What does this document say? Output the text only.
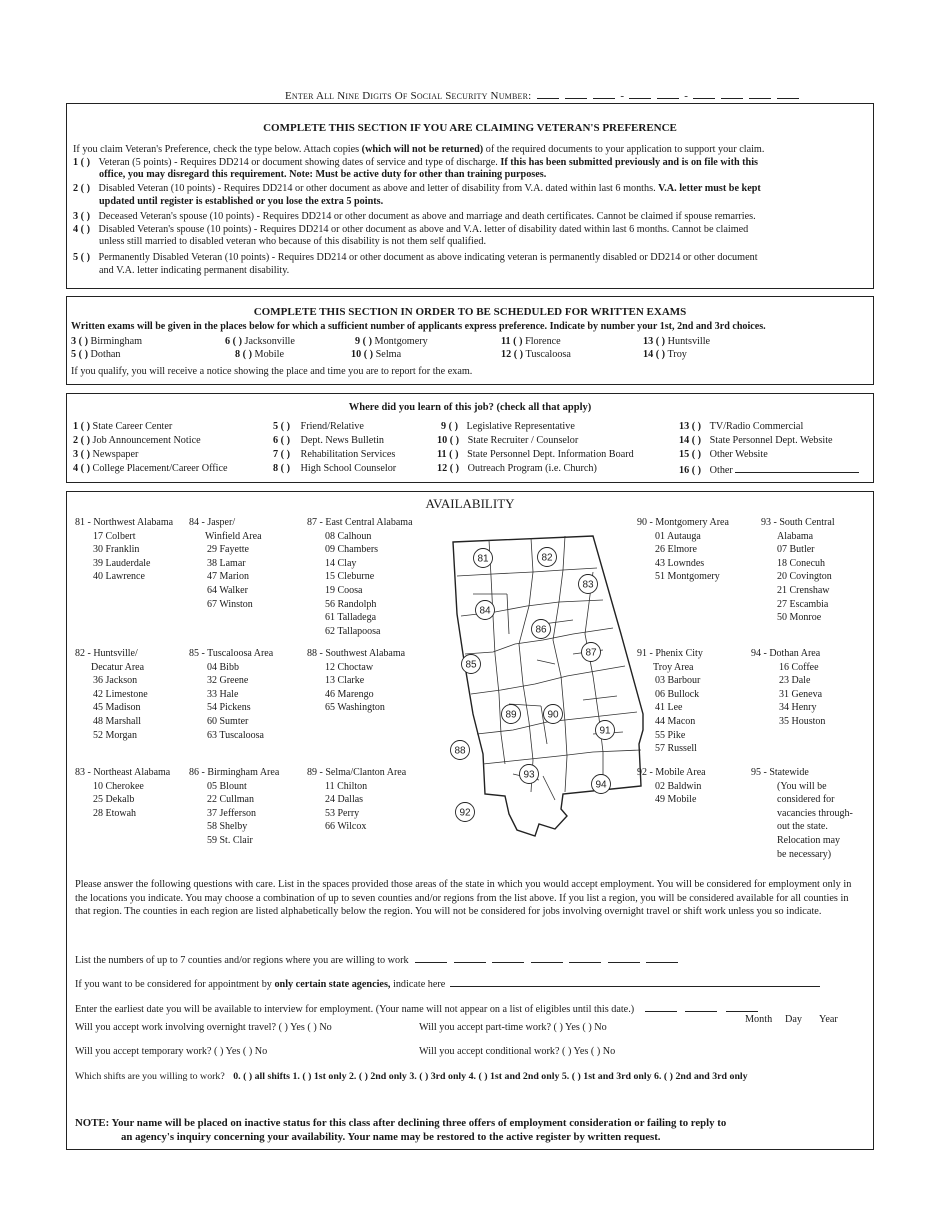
Enter All Nine Digits Of Social Security Number:	-	-
COMPLETE THIS SECTION IF YOU ARE CLAIMING VETERAN'S PREFERENCE
If you claim Veteran's Preference, check the type below. Attach copies (which will not be returned) of the required documents to your application to support your claim.
1 ( ) Veteran (5 points) - Requires DD214 or document showing dates of service and type of discharge. If this has been submitted previously and is on file with this
office, you may disregard this requirement. Note: Must be active duty for other than training purposes.
2 ( ) Disabled Veteran (10 points) - Requires DD214 or other document as above and letter of disability from V.A. dated within last 6 months. V.A. letter must be kept
updated until register is established or you lose the extra 5 points.
3 ( ) Deceased Veteran's spouse (10 points) - Requires DD214 or other document as above and marriage and death certificates. Cannot be claimed if spouse remarries.
4 ( ) Disabled Veteran's spouse (10 points) - Requires DD214 or other document as above and V.A. letter of disability dated within last 6 months. Cannot be claimed
unless still married to disabled veteran who because of this disability is not them self qualified.
5 ( ) Permanently Disabled Veteran (10 points) - Requires DD214 or other document as above indicating veteran is permanently disabled or DD214 or other document
and V.A. letter indicating permanent disability.
COMPLETE THIS SECTION IN ORDER TO BE SCHEDULED FOR WRITTEN EXAMS
Written exams will be given in the places below for which a sufficient number of applicants express preference. Indicate by number your 1st, 2nd and 3rd choices.
3 ( ) Birmingham	6 ( ) Jacksonville	9 ( ) Montgomery	11 ( ) Florence	13 ( ) Huntsville
5 ( ) Dothan	8 ( ) Mobile	10 ( ) Selma	12 ( ) Tuscaloosa	14 ( ) Troy
If you qualify, you will receive a notice showing the place and time you are to report for the exam.
Where did you learn of this job? (check all that apply)
1 ( ) State Career Center
2 ( ) Job Announcement Notice
3 ( ) Newspaper
4 ( ) College Placement/Career Office
5 ( ) Friend/Relative
6 ( ) Dept. News Bulletin
7 ( ) Rehabilitation Services
8 ( ) High School Counselor
9 ( ) Legislative Representative
10 ( ) State Recruiter / Counselor
11 ( ) State Personnel Dept. Information Board
12 ( ) Outreach Program (i.e. Church)
13 ( ) TV/Radio Commercial
14 ( ) State Personnel Dept. Website
15 ( ) Other Website
16 ( ) Other
AVAILABILITY
81 - Northwest Alabama
17 Colbert
30 Franklin
39 Lauderdale
40 Lawrence
84 - Jasper/
Winfield Area
29 Fayette
38 Lamar
47 Marion
64 Walker
67 Winston
87 - East Central Alabama
08 Calhoun
09 Chambers
14 Clay
15 Cleburne
19 Coosa
56 Randolph
61 Talladega
62 Tallapoosa
90 - Montgomery Area
01 Autauga
26 Elmore
43 Lowndes
51 Montgomery
93 - South Central
Alabama
07 Butler
18 Conecuh
20 Covington
21 Crenshaw
27 Escambia
50 Monroe
82 - Huntsville/
Decatur Area
36 Jackson
42 Limestone
45 Madison
48 Marshall
52 Morgan
85 - Tuscaloosa Area
04 Bibb
32 Greene
33 Hale
54 Pickens
60 Sumter
63 Tuscaloosa
88 - Southwest Alabama
12 Choctaw
13 Clarke
46 Marengo
65 Washington
91 - Phenix City
Troy Area
03 Barbour
06 Bullock
41 Lee
44 Macon
55 Pike
57 Russell
94 - Dothan Area
16 Coffee
23 Dale
31 Geneva
34 Henry
35 Houston
83 - Northeast Alabama
10 Cherokee
25 Dekalb
28 Etowah
86 - Birmingham Area
05 Blount
22 Cullman
37 Jefferson
58 Shelby
59 St. Clair
89 - Selma/Clanton Area
11 Chilton
24 Dallas
53 Perry
66 Wilcox
92 - Mobile Area
02 Baldwin
49 Mobile
95 - Statewide
(You will be
considered for
vacancies through-
out the state.
Relocation may
be necessary)
81	82
83
84
85
86
87
88
89	90
91
92
93
94
Please answer the following questions with care. List in the spaces provided those areas of the state in which you would accept employment. You will be considered for employment only in the locations you indicate. You may choose a combination of up to seven counties and/or regions from the list above. If you list a region, you will be considered available for all counties in that region. The counties in each region are listed alphabetically below the region. You will not be considered for jobs involving overnight travel or shift work unless you so indicate.
List the numbers of up to 7 counties and/or regions where you are willing to work
If you want to be considered for appointment by only certain state agencies, indicate here
Enter the earliest date you will be available to interview for employment. (Your name will not appear on a list of eligibles until this date.)
Month Day Year
Will you accept work involving overnight travel? ( ) Yes ( ) No	Will you accept part-time work? ( ) Yes ( ) No
Will you accept temporary work? ( ) Yes ( ) No	Will you accept conditional work? ( ) Yes ( ) No
Which shifts are you willing to work? 0. ( ) all shifts 1. ( ) 1st only 2. ( ) 2nd only 3. ( ) 3rd only 4. ( ) 1st and 2nd only 5. ( ) 1st and 3rd only 6. ( ) 2nd and 3rd only
NOTE: Your name will be placed on inactive status for this class after declining three offers of employment consideration or failing to reply to
an agency's inquiry concerning your availability. Your name may be restored to the active register by written request.
